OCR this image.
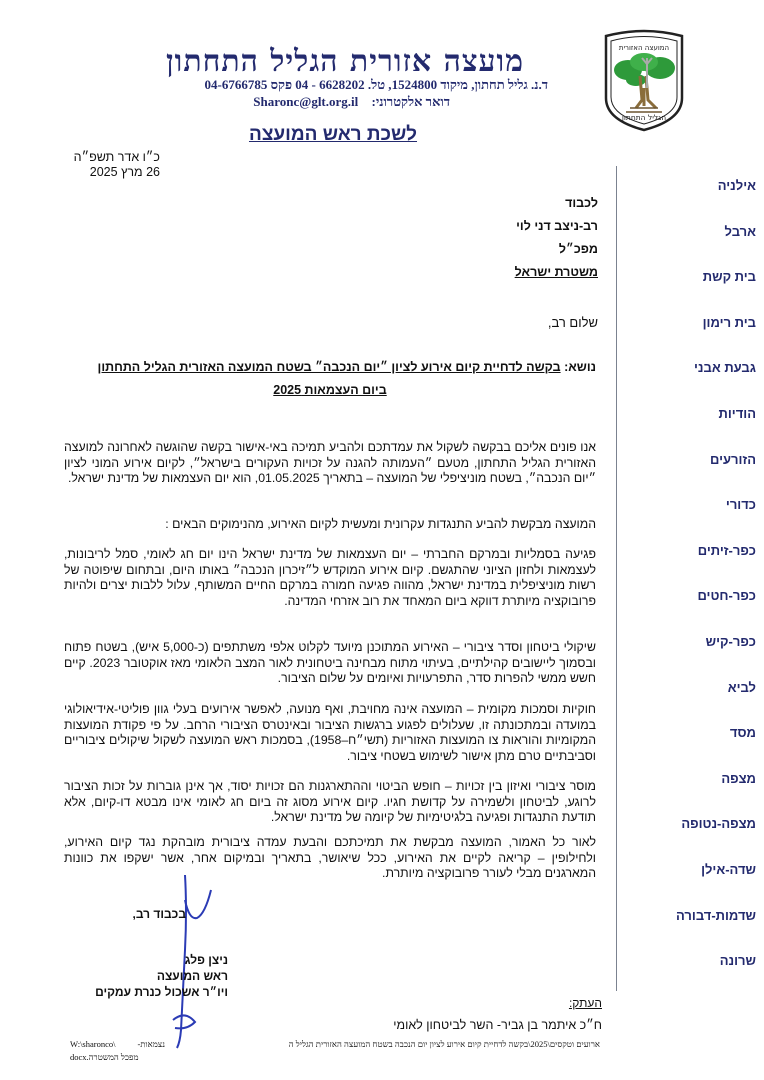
המועצה האזורית
הגליל התחתון
מועצה אזורית הגליל התחתון
ד.נ. גליל תחתון, מיקוד 1524800, טל. 6628202 - 04 פקס 04-6766785
דואר אלקטרוני: Sharonc@glt.org.il
לשכת ראש המועצה
כ״ו אדר תשפ״ה
26 מרץ 2025
אילניה
ארבל
בית קשת
בית רימון
גבעת אבני
הודיות
הזורעים
כדורי
כפר-זיתים
כפר-חטים
כפר-קיש
לביא
מסד
מצפה
מצפה-נטופה
שדה-אילן
שדמות-דבורה
שרונה
לכבוד
רב-ניצב דני לוי
מפכ״ל
משטרת ישראל
שלום רב,
נושא: בקשה לדחיית קיום אירוע לציון ״יום הנכבה״ בשטח המועצה האזורית הגליל התחתון
ביום העצמאות 2025
אנו פונים אליכם בבקשה לשקול את עמדתכם ולהביע תמיכה באי-אישור בקשה שהוגשה לאחרונה למועצה האזורית הגליל התחתון, מטעם ״העמותה להגנה על זכויות העקורים בישראל״, לקיום אירוע המוני לציון ״יום הנכבה״, בשטח מוניציפלי של המועצה – בתאריך 01.05.2025, הוא יום העצמאות של מדינת ישראל.
המועצה מבקשת להביע התנגדות עקרונית ומעשית לקיום האירוע, מהנימוקים הבאים :
פגיעה בסמליות ובמרקם החברתי – יום העצמאות של מדינת ישראל הינו יום חג לאומי, סמל לריבונות, לעצמאות ולחזון הציוני שהתגשם. קיום אירוע המוקדש ל״זיכרון הנכבה״ באותו היום, ובתחום שיפוטה של רשות מוניציפלית במדינת ישראל, מהווה פגיעה חמורה במרקם החיים המשותף, עלול ללבות יצרים ולהיות פרובוקציה מיותרת דווקא ביום המאחד את רוב אזרחי המדינה.
שיקולי ביטחון וסדר ציבורי – האירוע המתוכנן מיועד לקלוט אלפי משתתפים (כ-5,000 איש), בשטח פתוח ובסמוך ליישובים קהילתיים, בעיתוי מתוח מבחינה ביטחונית לאור המצב הלאומי מאז אוקטובר 2023. קיים חשש ממשי להפרות סדר, התפרעויות ואיומים על שלום הציבור.
חוקיות וסמכות מקומית – המועצה אינה מחויבת, ואף מנועה, לאפשר אירועים בעלי גוון פוליטי-אידיאולוגי במועדה ובמתכונתה זו, שעלולים לפגוע ברגשות הציבור ובאינטרס הציבורי הרחב. על פי פקודת המועצות המקומיות והוראות צו המועצות האזוריות (תשי״ח–1958), בסמכות ראש המועצה לשקול שיקולים ציבוריים וסביבתיים טרם מתן אישור לשימוש בשטחי ציבור.
מוסר ציבורי ואיזון בין זכויות – חופש הביטוי וההתארגנות הם זכויות יסוד, אך אינן גוברות על זכות הציבור לרוגע, לביטחון ולשמירה על קדושת חגיו. קיום אירוע מסוג זה ביום חג לאומי אינו מבטא דו-קיום, אלא תודעת התנגדות ופגיעה בלגיטימיות של קיומה של מדינת ישראל.
לאור כל האמור, המועצה מבקשת את תמיכתכם והבעת עמדה ציבורית מובהקת נגד קיום האירוע, ולחילופין – קריאה לקיים את האירוע, ככל שיאושר, בתאריך ובמיקום אחר, אשר ישקפו את כוונות המארגנים מבלי לעורר פרובוקציה מיותרת.
בכבוד רב,
ניצן פלג
ראש המועצה
ויו״ר אשכול כנרת עמקים
העתק:
ח״כ איתמר בן גביר- השר לביטחון לאומי
W:\sharonco\	נצמאות-	ארועים וטקסים\2025\בקשה לדחיית קיום אירוע לציון יום הנכבה בשטח המועצה האזורית הגליל ה
מפכל המשטרה.docx
